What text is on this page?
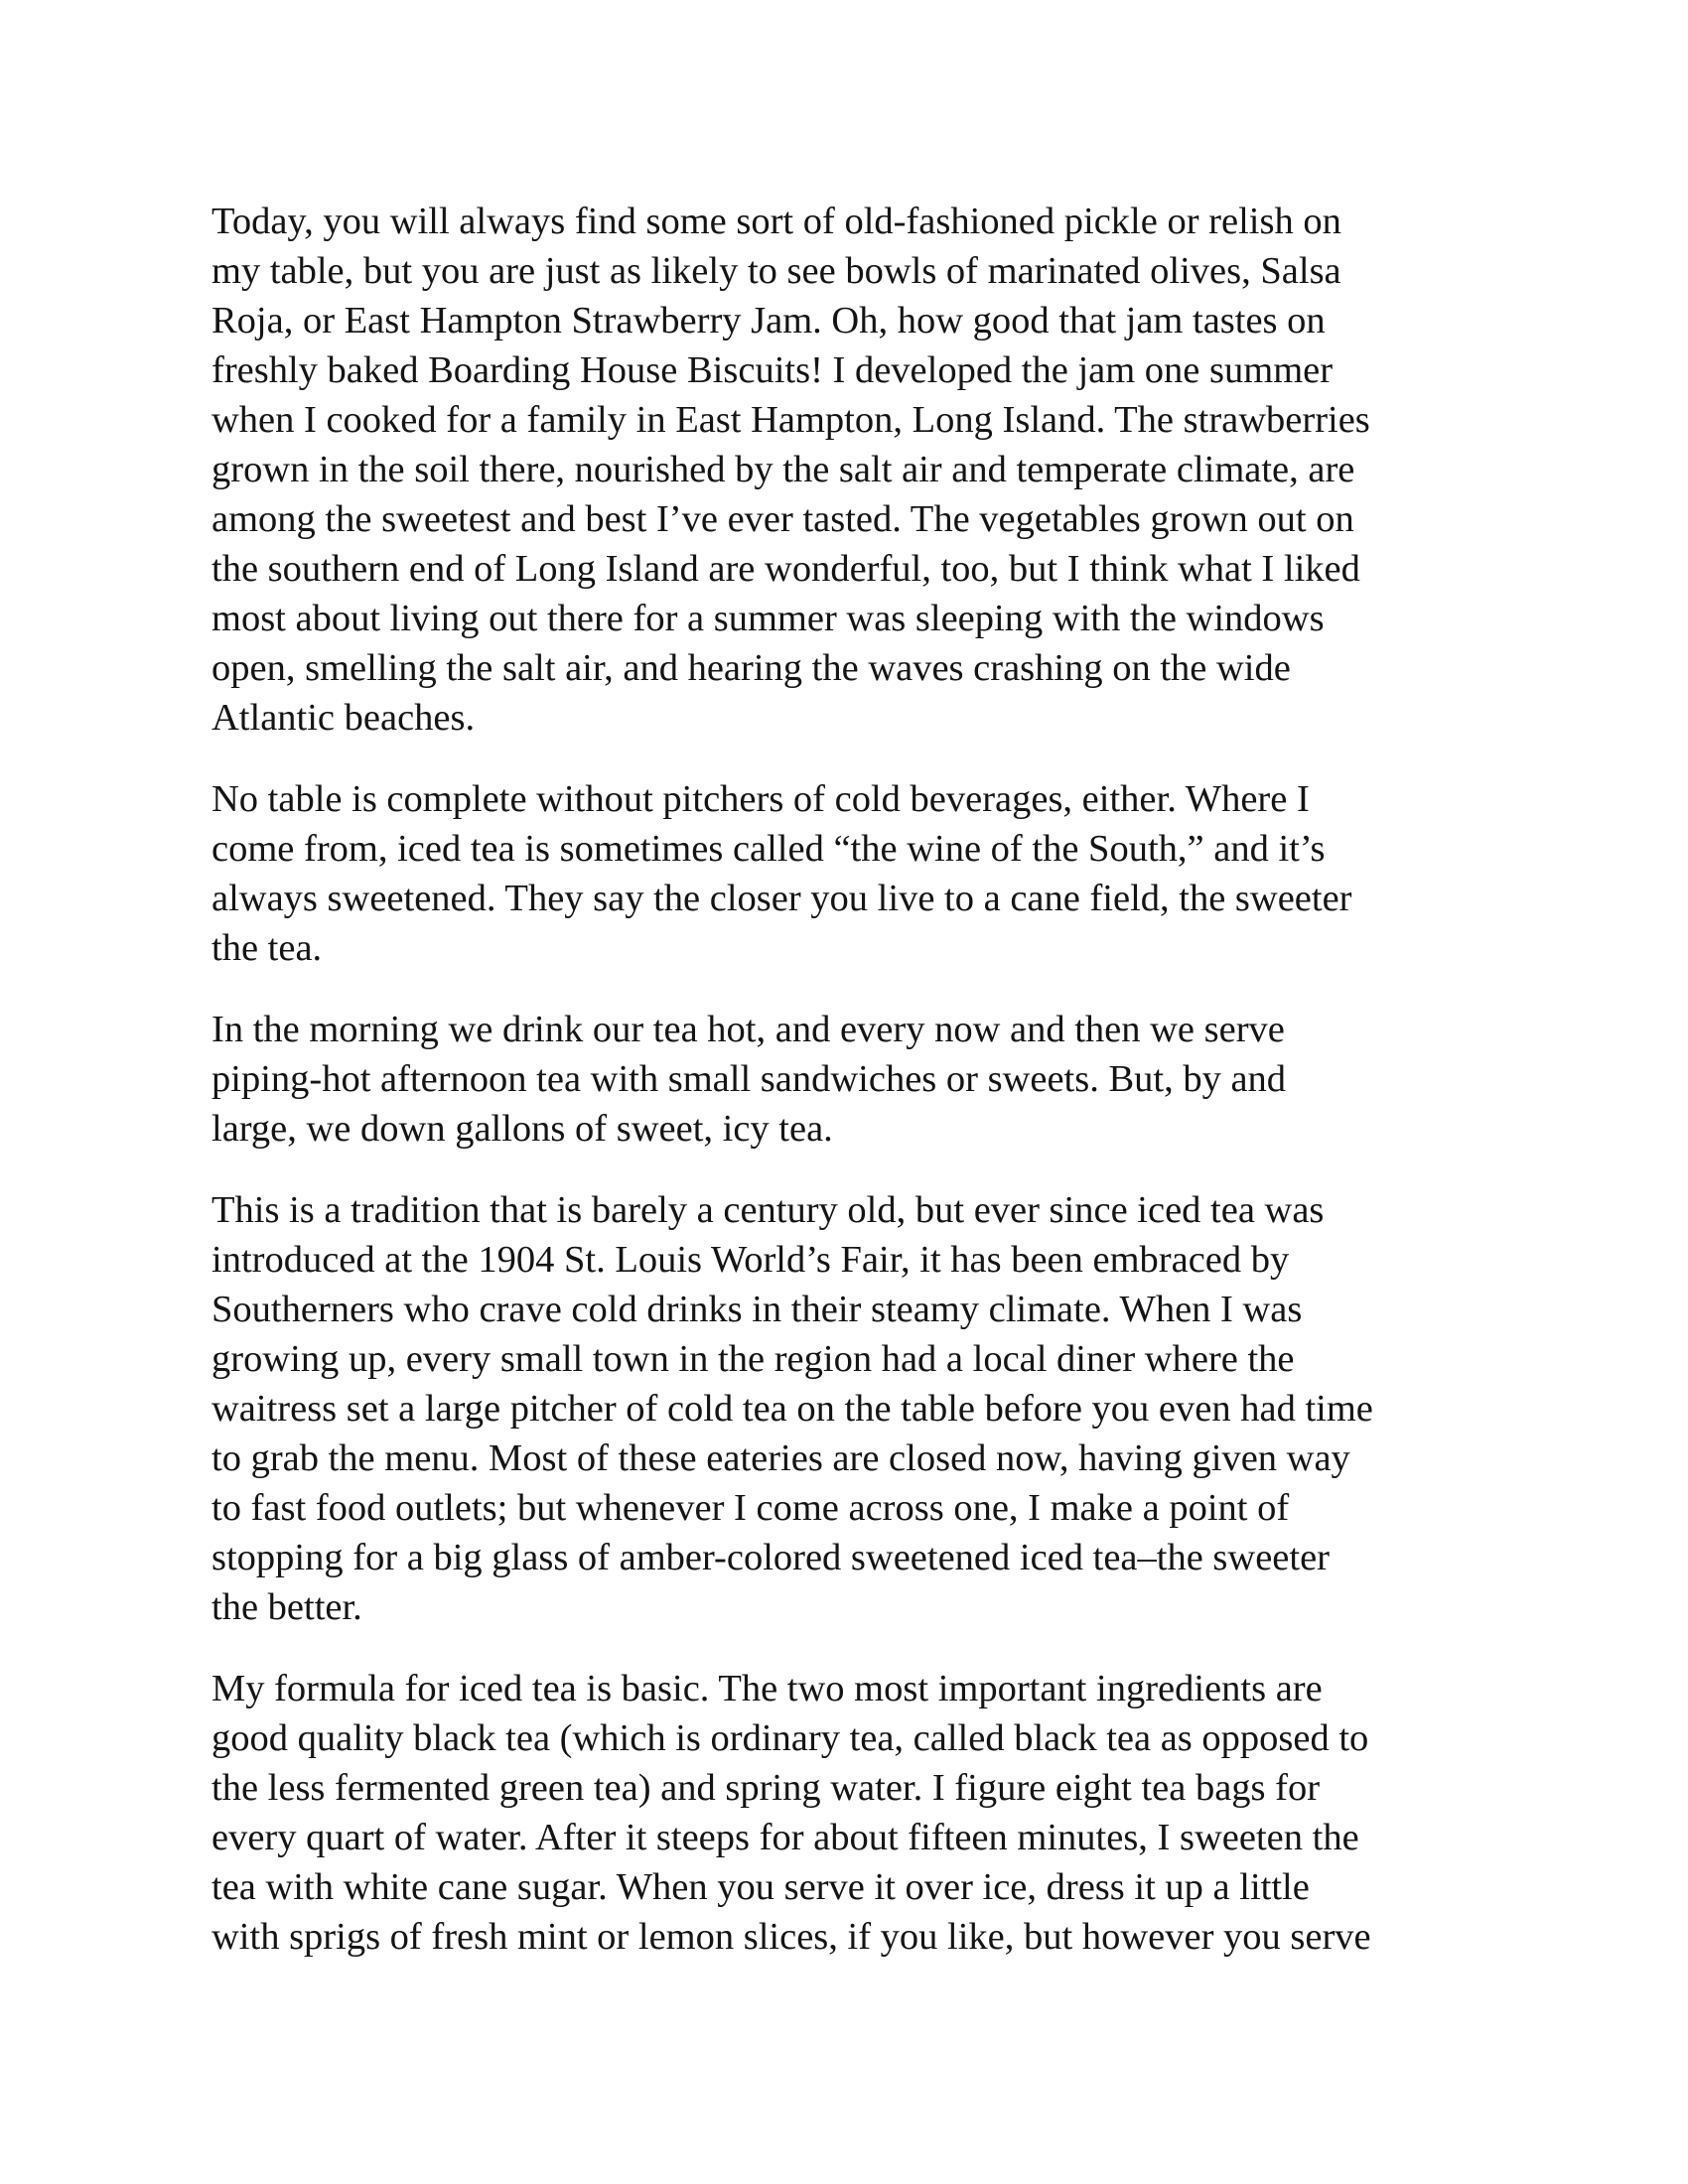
Today, you will always find some sort of old-fashioned pickle or relish on
my table, but you are just as likely to see bowls of marinated olives, Salsa
Roja, or East Hampton Strawberry Jam. Oh, how good that jam tastes on
freshly baked Boarding House Biscuits! I developed the jam one summer
when I cooked for a family in East Hampton, Long Island. The strawberries
grown in the soil there, nourished by the salt air and temperate climate, are
among the sweetest and best I’ve ever tasted. The vegetables grown out on
the southern end of Long Island are wonderful, too, but I think what I liked
most about living out there for a summer was sleeping with the windows
open, smelling the salt air, and hearing the waves crashing on the wide
Atlantic beaches.

No table is complete without pitchers of cold beverages, either. Where I
come from, iced tea is sometimes called “the wine of the South,” and it’s
always sweetened. They say the closer you live to a cane field, the sweeter
the tea.

In the morning we drink our tea hot, and every now and then we serve
piping-hot afternoon tea with small sandwiches or sweets. But, by and
large, we down gallons of sweet, icy tea.

This is a tradition that is barely a century old, but ever since iced tea was
introduced at the 1904 St. Louis World’s Fair, it has been embraced by
Southerners who crave cold drinks in their steamy climate. When I was
growing up, every small town in the region had a local diner where the
waitress set a large pitcher of cold tea on the table before you even had time
to grab the menu. Most of these eateries are closed now, having given way
to fast food outlets; but whenever I come across one, I make a point of
stopping for a big glass of amber-colored sweetened iced tea–the sweeter
the better.

My formula for iced tea is basic. The two most important ingredients are
good quality black tea (which is ordinary tea, called black tea as opposed to
the less fermented green tea) and spring water. I figure eight tea bags for
every quart of water. After it steeps for about fifteen minutes, I sweeten the
tea with white cane sugar. When you serve it over ice, dress it up a little
with sprigs of fresh mint or lemon slices, if you like, but however you serve
